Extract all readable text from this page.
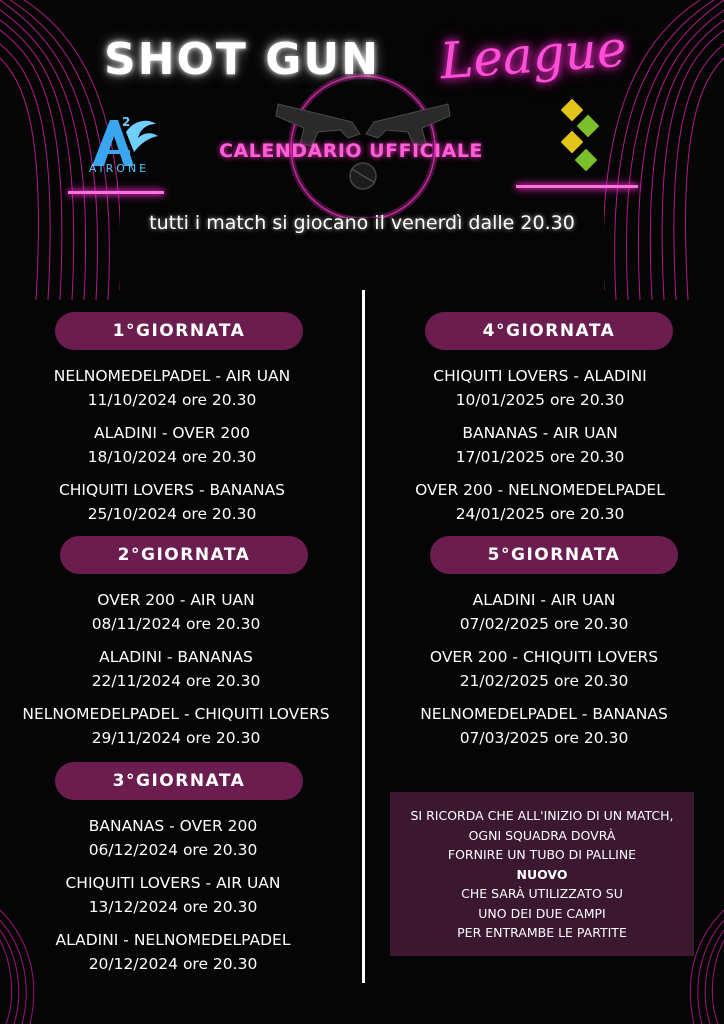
SHOT GUN League
CALENDARIO UFFICIALE
2
AIRONE
tutti i match si giocano il venerdì dalle 20.30
1°GIORNATA
NELNOMEDELPADEL - AIR UAN
11/10/2024 ore 20.30
ALADINI - OVER 200
18/10/2024 ore 20.30
CHIQUITI LOVERS - BANANAS
25/10/2024 ore 20.30
2°GIORNATA
OVER 200 - AIR UAN
08/11/2024 ore 20.30
ALADINI - BANANAS
22/11/2024 ore 20.30
NELNOMEDELPADEL - CHIQUITI LOVERS
29/11/2024 ore 20.30
3°GIORNATA
BANANAS - OVER 200
06/12/2024 ore 20.30
CHIQUITI LOVERS - AIR UAN
13/12/2024 ore 20.30
ALADINI - NELNOMEDELPADEL
20/12/2024 ore 20.30
4°GIORNATA
CHIQUITI LOVERS - ALADINI
10/01/2025 ore 20.30
BANANAS - AIR UAN
17/01/2025 ore 20.30
OVER 200 - NELNOMEDELPADEL
24/01/2025 ore 20.30
5°GIORNATA
ALADINI - AIR UAN
07/02/2025 ore 20.30
OVER 200 - CHIQUITI LOVERS
21/02/2025 ore 20.30
NELNOMEDELPADEL - BANANAS
07/03/2025 ore 20.30
SI RICORDA CHE ALL'INIZIO DI UN MATCH,
OGNI SQUADRA DOVRÀ
FORNIRE UN TUBO DI PALLINE
NUOVO
CHE SARÀ UTILIZZATO SU
UNO DEI DUE CAMPI
PER ENTRAMBE LE PARTITE
